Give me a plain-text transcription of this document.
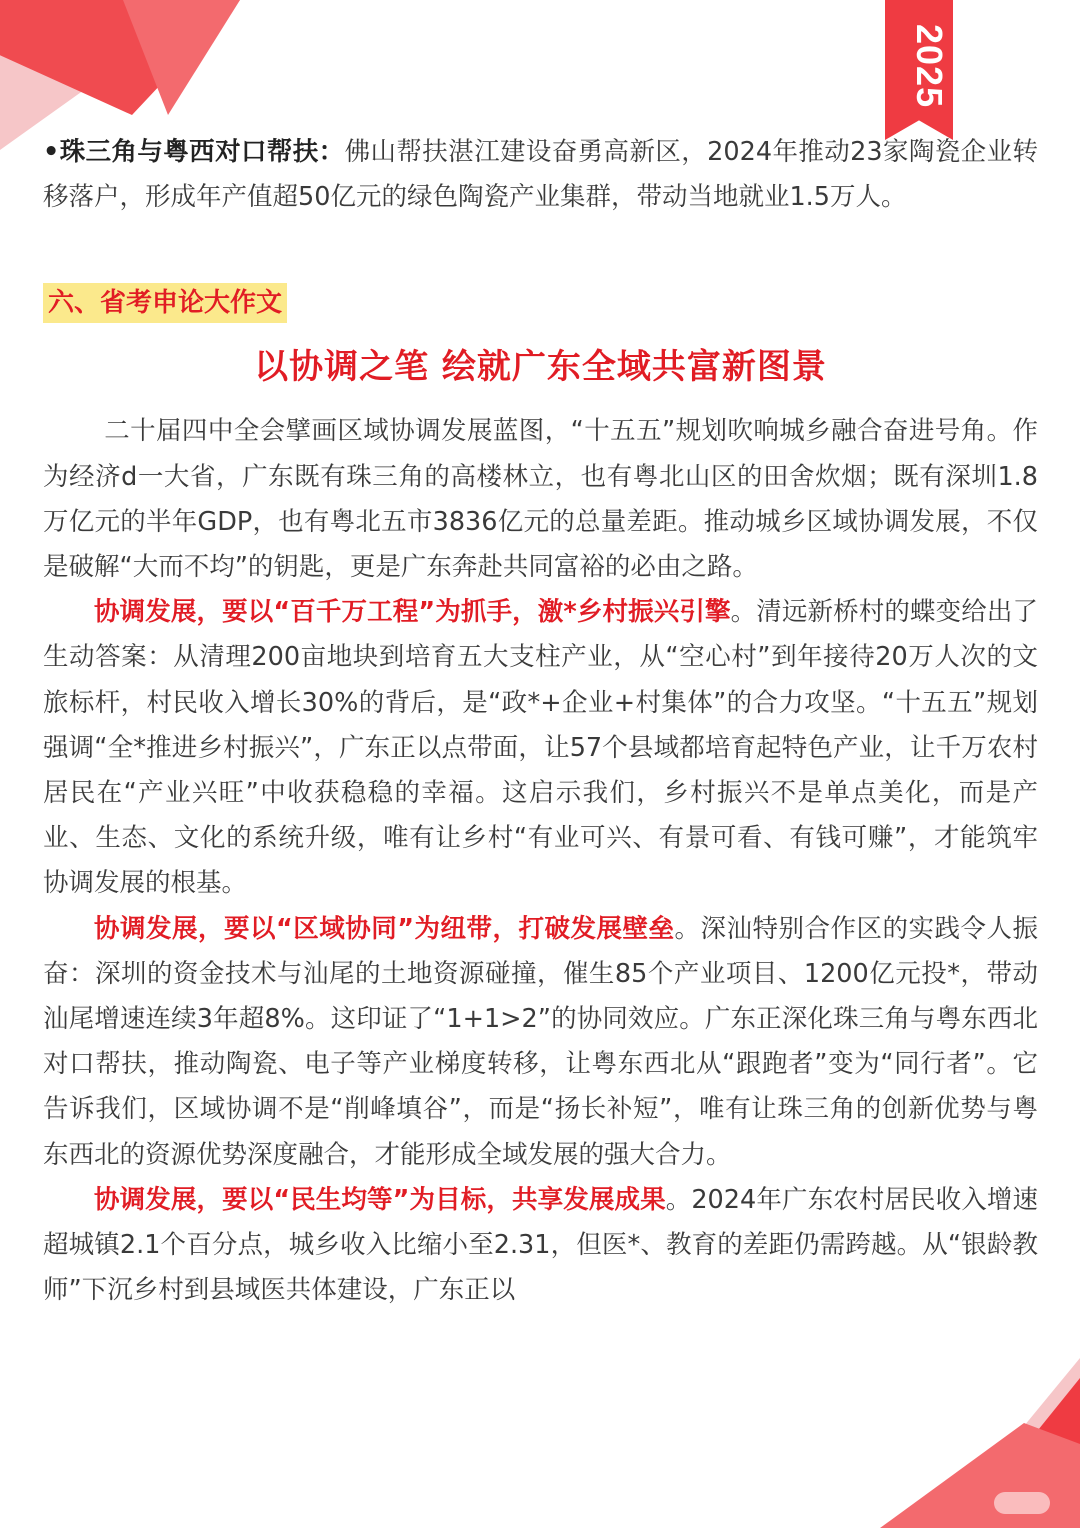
2025

•珠三角与粤西对口帮扶：佛山帮扶湛江建设奋勇高新区，2024年推动23家陶瓷企业转移落户，形成年产值超50亿元的绿色陶瓷产业集群，带动当地就业1.5万人。

六、省考申论大作文
以协调之笔 绘就广东全域共富新图景

二十届四中全会擘画区域协调发展蓝图，“十五五”规划吹响城乡融合奋进号角。作为经济d一大省，广东既有珠三角的高楼林立，也有粤北山区的田舍炊烟；既有深圳1.8万亿元的半年GDP，也有粤北五市3836亿元的总量差距。推动城乡区域协调发展，不仅是破解“大而不均”的钥匙，更是广东奔赴共同富裕的必由之路。

协调发展，要以“百千万工程”为抓手，激*乡村振兴引擎。清远新桥村的蝶变给出了生动答案：从清理200亩地块到培育五大支柱产业，从“空心村”到年接待20万人次的文旅标杆，村民收入增长30%的背后，是“政*+企业+村集体”的合力攻坚。“十五五”规划强调“全*推进乡村振兴”，广东正以点带面，让57个县域都培育起特色产业，让千万农村居民在“产业兴旺”中收获稳稳的幸福。这启示我们，乡村振兴不是单点美化，而是产业、生态、文化的系统升级，唯有让乡村“有业可兴、有景可看、有钱可赚”，才能筑牢协调发展的根基。

协调发展，要以“区域协同”为纽带，打破发展壁垒。深汕特别合作区的实践令人振奋：深圳的资金技术与汕尾的土地资源碰撞，催生85个产业项目、1200亿元投*，带动汕尾增速连续3年超8%。这印证了“1+1>2”的协同效应。广东正深化珠三角与粤东西北对口帮扶，推动陶瓷、电子等产业梯度转移，让粤东西北从“跟跑者”变为“同行者”。它告诉我们，区域协调不是“削峰填谷”，而是“扬长补短”，唯有让珠三角的创新优势与粤东西北的资源优势深度融合，才能形成全域发展的强大合力。

协调发展，要以“民生均等”为目标，共享发展成果。2024年广东农村居民收入增速超城镇2.1个百分点，城乡收入比缩小至2.31，但医*、教育的差距仍需跨越。从“银龄教师”下沉乡村到县域医共体建设，广东正以
